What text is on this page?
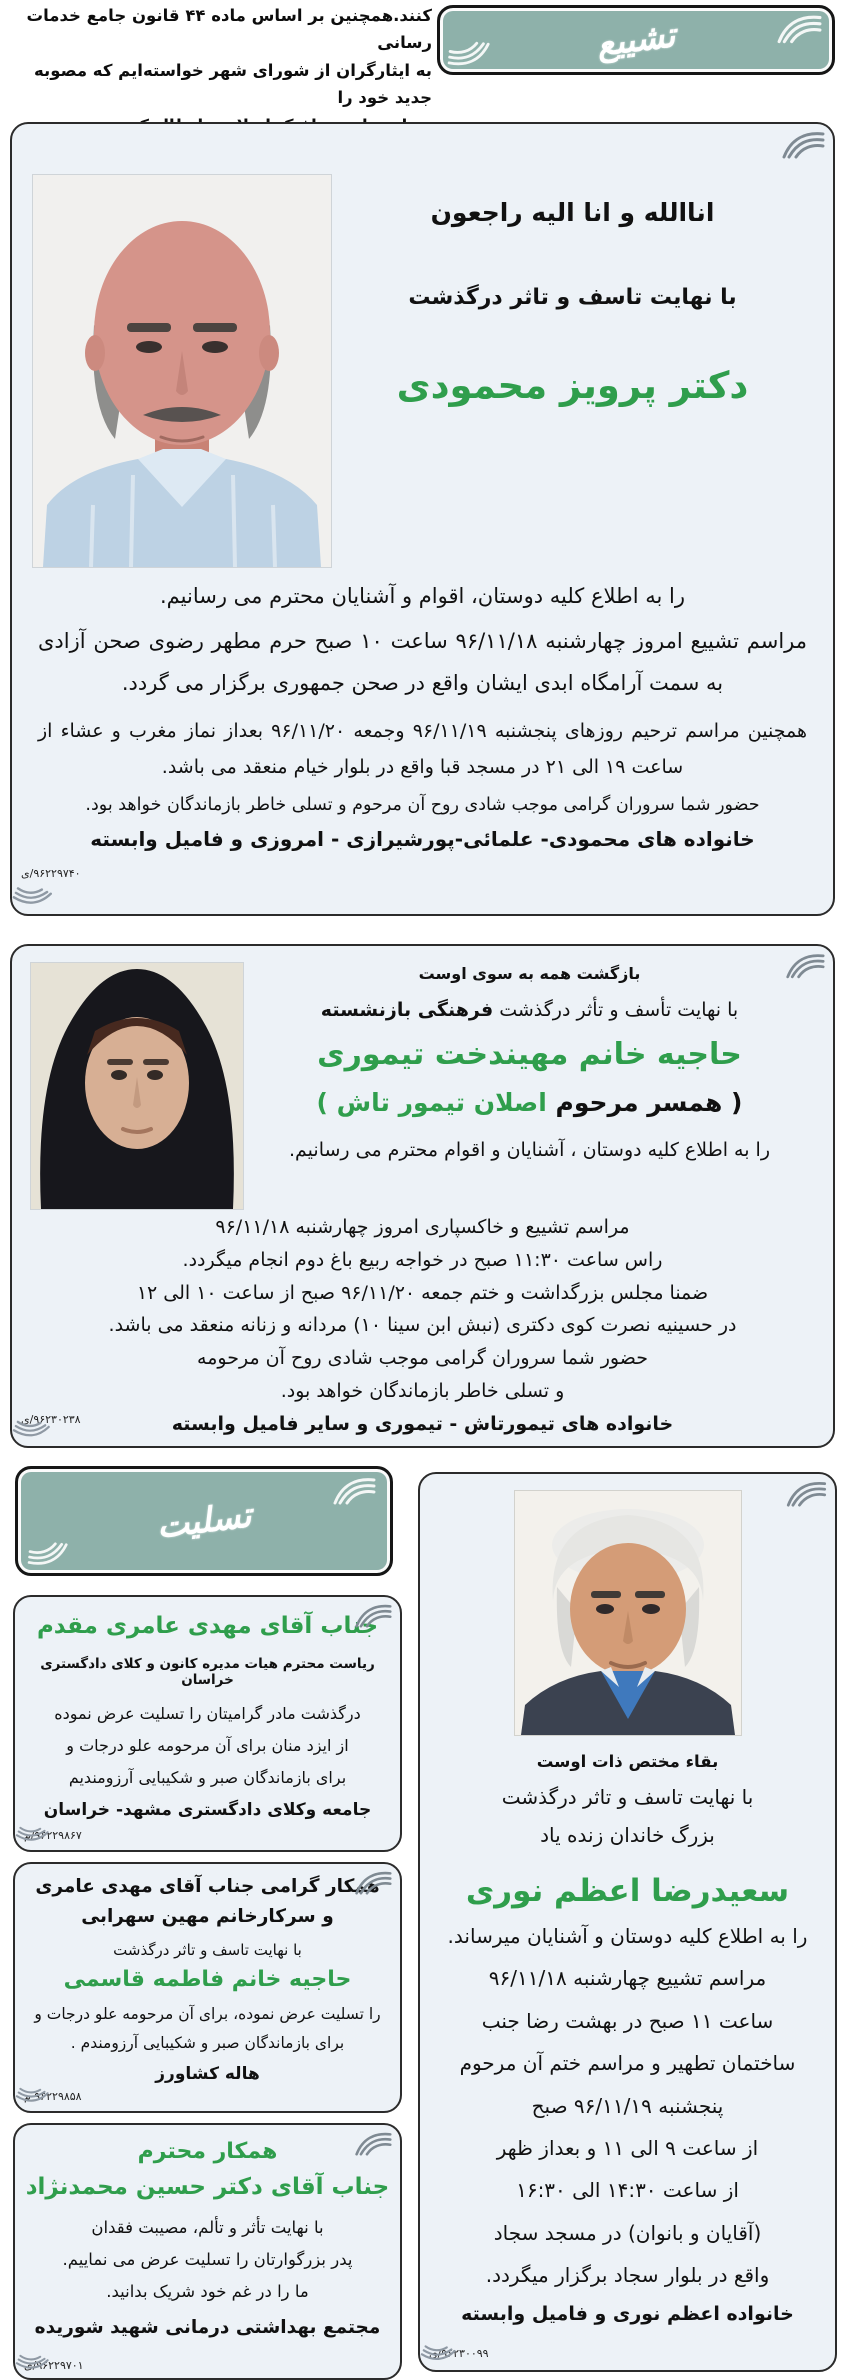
کنند.همچنین بر اساس ماده ۴۴ قانون جامع خدمات رسانی
به ایثارگران از شورای شهر خواسته‌ایم که مصوبه جدید خود را
تشییع
اناالله و انا الیه راجعون
با نهایت تاسف و تاثر درگذشت
دکتر پرویز محمودی
را به اطلاع کلیه دوستان، اقوام و آشنایان محترم می رسانیم.

مراسم تشییع امروز چهارشنبه ۹۶/۱۱/۱۸ ساعت ۱۰ صبح حرم مطهر رضوی صحن آزادی به سمت آرامگاه ابدی ایشان واقع در صحن جمهوری برگزار می گردد.

همچنین مراسم ترحیم روزهای پنجشنبه ۹۶/۱۱/۱۹ وجمعه ۹۶/۱۱/۲۰ بعداز نماز مغرب و عشاء از ساعت ۱۹ الی ۲۱ در مسجد قبا واقع در بلوار خیام منعقد می باشد.

حضور شما سروران گرامی موجب شادی روح آن مرحوم و تسلی خاطر بازماندگان خواهد بود.
خانواده های محمودی- علمائی-پورشیرازی - امروزی و فامیل وابسته
۹۶۲۲۹۷۴۰/ی
بازگشت همه به سوی اوست
با نهایت تأسف و تأثر درگذشت فرهنگی بازنشسته
حاجیه خانم مهیندخت تیموری
( همسر مرحوم اصلان تیمور تاش )
را به اطلاع کلیه دوستان ، آشنایان و اقوام محترم می رسانیم.
مراسم تشییع و خاکسپاری امروز چهارشنبه ۹۶/۱۱/۱۸
راس ساعت ۱۱:۳۰ صبح در خواجه ربیع باغ دوم انجام میگردد.
ضمنا مجلس بزرگداشت و ختم جمعه ۹۶/۱۱/۲۰ صبح از ساعت ۱۰ الی ۱۲
در حسینیه نصرت کوی دکتری (نبش ابن سینا ۱۰) مردانه و زنانه منعقد می باشد.
حضور شما سروران گرامی موجب شادی روح آن مرحومه
و تسلی خاطر بازماندگان خواهد بود.
خانواده های تیمورتاش - تیموری و سایر فامیل وابسته
۹۶۲۳۰۲۳۸/ی
تسلیت
جناب آقای مهدی عامری مقدم
ریاست محترم هیات مدیره کانون و کلای دادگستری خراسان
درگذشت مادر گرامیتان را تسلیت عرض نموده
از ایزد منان برای آن مرحومه علو درجات و
برای بازماندگان صبر و شکیبایی آرزومندیم
جامعه وکلای دادگستری مشهد- خراسان
۹۶۲۲۹۸۶۷/م
همکار گرامی جناب آقای مهدی عامری
و سرکارخانم مهین سهرابی
با نهایت تاسف و تاثر درگذشت
حاجیه خانم فاطمه قاسمی
را تسلیت عرض نموده، برای آن مرحومه علو درجات و
برای بازماندگان صبر و شکیبایی آرزومندم .
هاله کشاورز
۹۶۲۲۹۸۵۸ م
همکار محترم
جناب آقای دکتر حسین محمدنژاد
با نهایت تأثر و تألم، مصیبت فقدان
پدر بزرگوارتان را تسلیت عرض می نماییم.
ما را در غم خود شریک بدانید.
مجتمع بهداشتی درمانی شهید شوریده
۹۶۲۲۹۷۰۱/ی
بقاء مختص ذات اوست
با نهایت تاسف و تاثر درگذشت
بزرگ خاندان زنده یاد
سعیدرضا اعظم نوری
را به اطلاع کلیه دوستان و آشنایان میرساند.
مراسم تشییع چهارشنبه ۹۶/۱۱/۱۸
ساعت ۱۱ صبح در بهشت رضا جنب
ساختمان تطهیر و مراسم ختم آن مرحوم
پنجشنبه ۹۶/۱۱/۱۹ صبح
از ساعت ۹ الی ۱۱ و بعداز ظهر
از ساعت ۱۴:۳۰ الی ۱۶:۳۰
(آقایان و بانوان) در مسجد سجاد
واقع در بلوار سجاد برگزار میگردد.
خانواده اعظم نوری و فامیل وابسته
۹۶۲۳۰۰۹۹/ی
